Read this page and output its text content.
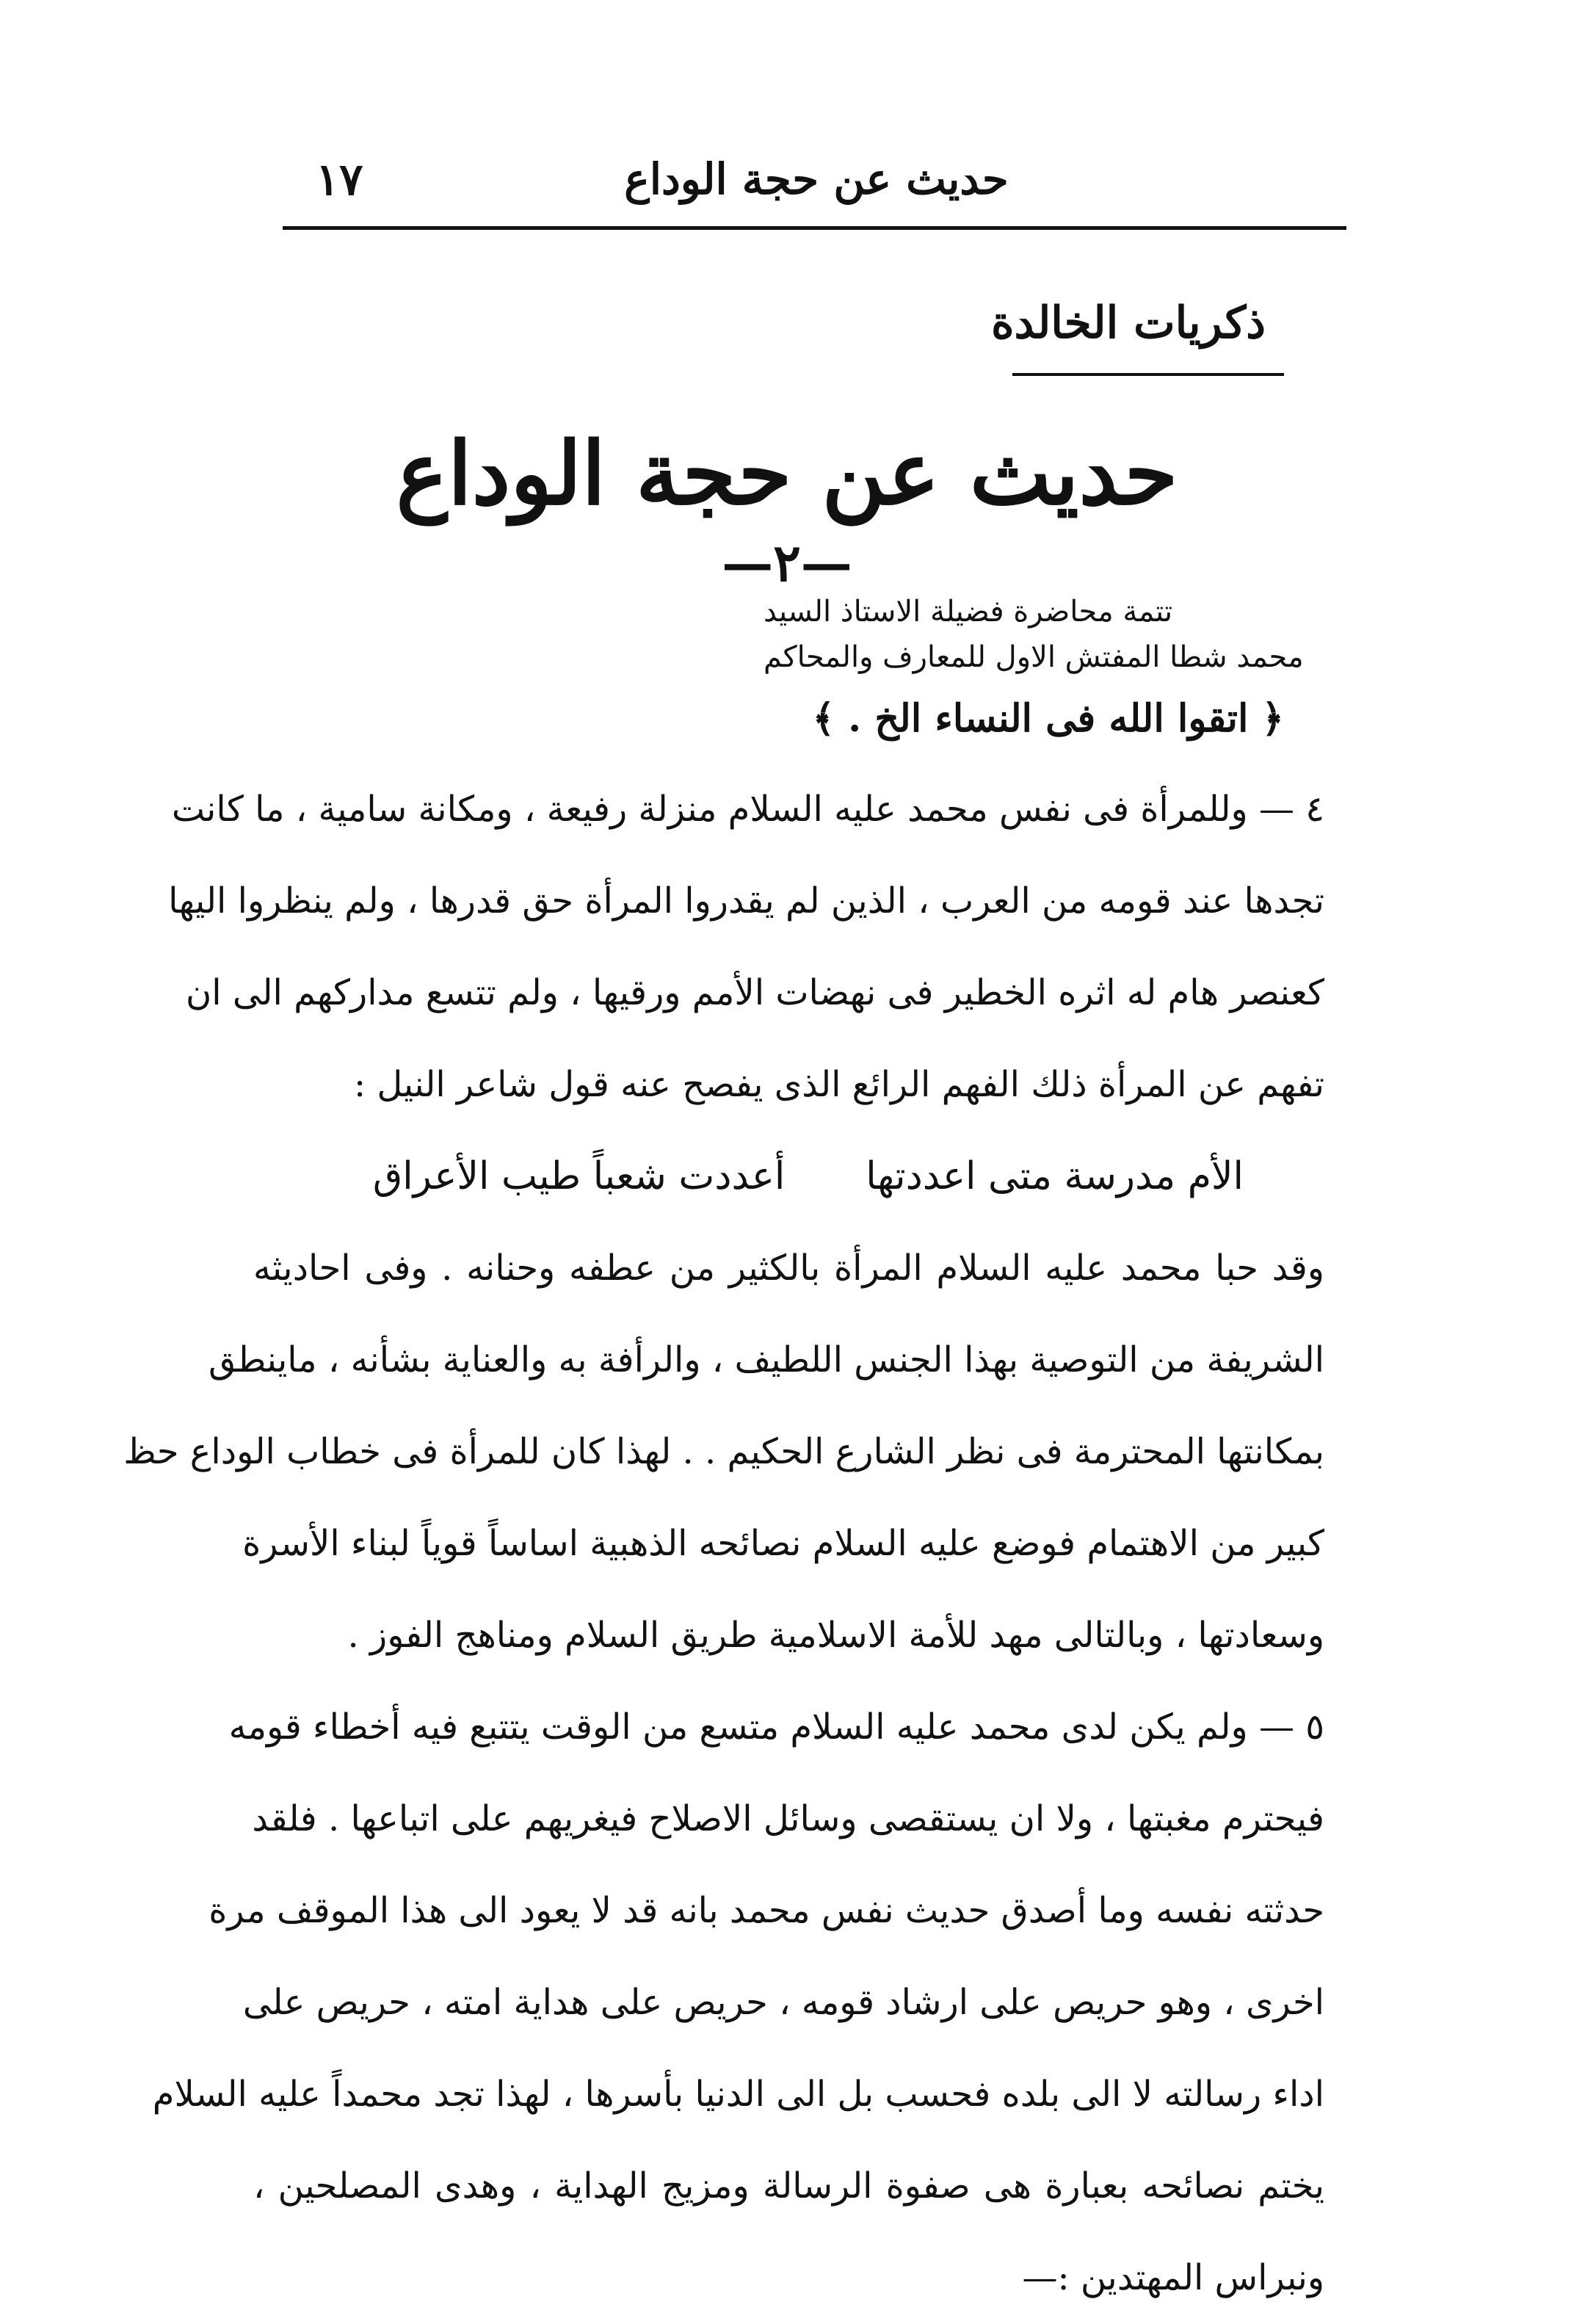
حديث عن حجة الوداع
١٧
ذكريات الخالدة
حديث عن حجة الوداع
—٢—
تتمة محاضرة فضيلة الاستاذ السيد
محمد شطا المفتش الاول للمعارف والمحاكم
﴿ اتقوا الله فى النساء الخ . ﴾
٤ — وللمرأة فى نفس محمد عليه السلام منزلة رفيعة ، ومكانة سامية ، ما كانت
تجدها عند قومه من العرب ، الذين لم يقدروا المرأة حق قدرها ، ولم ينظروا اليها
كعنصر هام له اثره الخطير فى نهضات الأمم ورقيها ، ولم تتسع مداركهم الى ان
تفهم عن المرأة ذلك الفهم الرائع الذى يفصح عنه قول شاعر النيل :
الأم مدرسة متى اعددتهاأعددت شعباً طيب الأعراق
وقد حبا محمد عليه السلام المرأة بالكثير من عطفه وحنانه . وفى احاديثه
الشريفة من التوصية بهذا الجنس اللطيف ، والرأفة به والعناية بشأنه ، ماينطق
بمكانتها المحترمة فى نظر الشارع الحكيم . . لهذا كان للمرأة فى خطاب الوداع حظ
كبير من الاهتمام فوضع عليه السلام نصائحه الذهبية اساساً قوياً لبناء الأسرة
وسعادتها ، وبالتالى مهد للأمة الاسلامية طريق السلام ومناهج الفوز .
٥ — ولم يكن لدى محمد عليه السلام متسع من الوقت يتتبع فيه أخطاء قومه
فيحترم مغبتها ، ولا ان يستقصى وسائل الاصلاح فيغريهم على اتباعها . فلقد
حدثته نفسه وما أصدق حديث نفس محمد بانه قد لا يعود الى هذا الموقف مرة
اخرى ، وهو حريص على ارشاد قومه ، حريص على هداية امته ، حريص على
اداء رسالته لا الى بلده فحسب بل الى الدنيا بأسرها ، لهذا تجد محمداً عليه السلام
يختم نصائحه بعبارة هى صفوة الرسالة ومزيج الهداية ، وهدى المصلحين ،
ونبراس المهتدين :—
